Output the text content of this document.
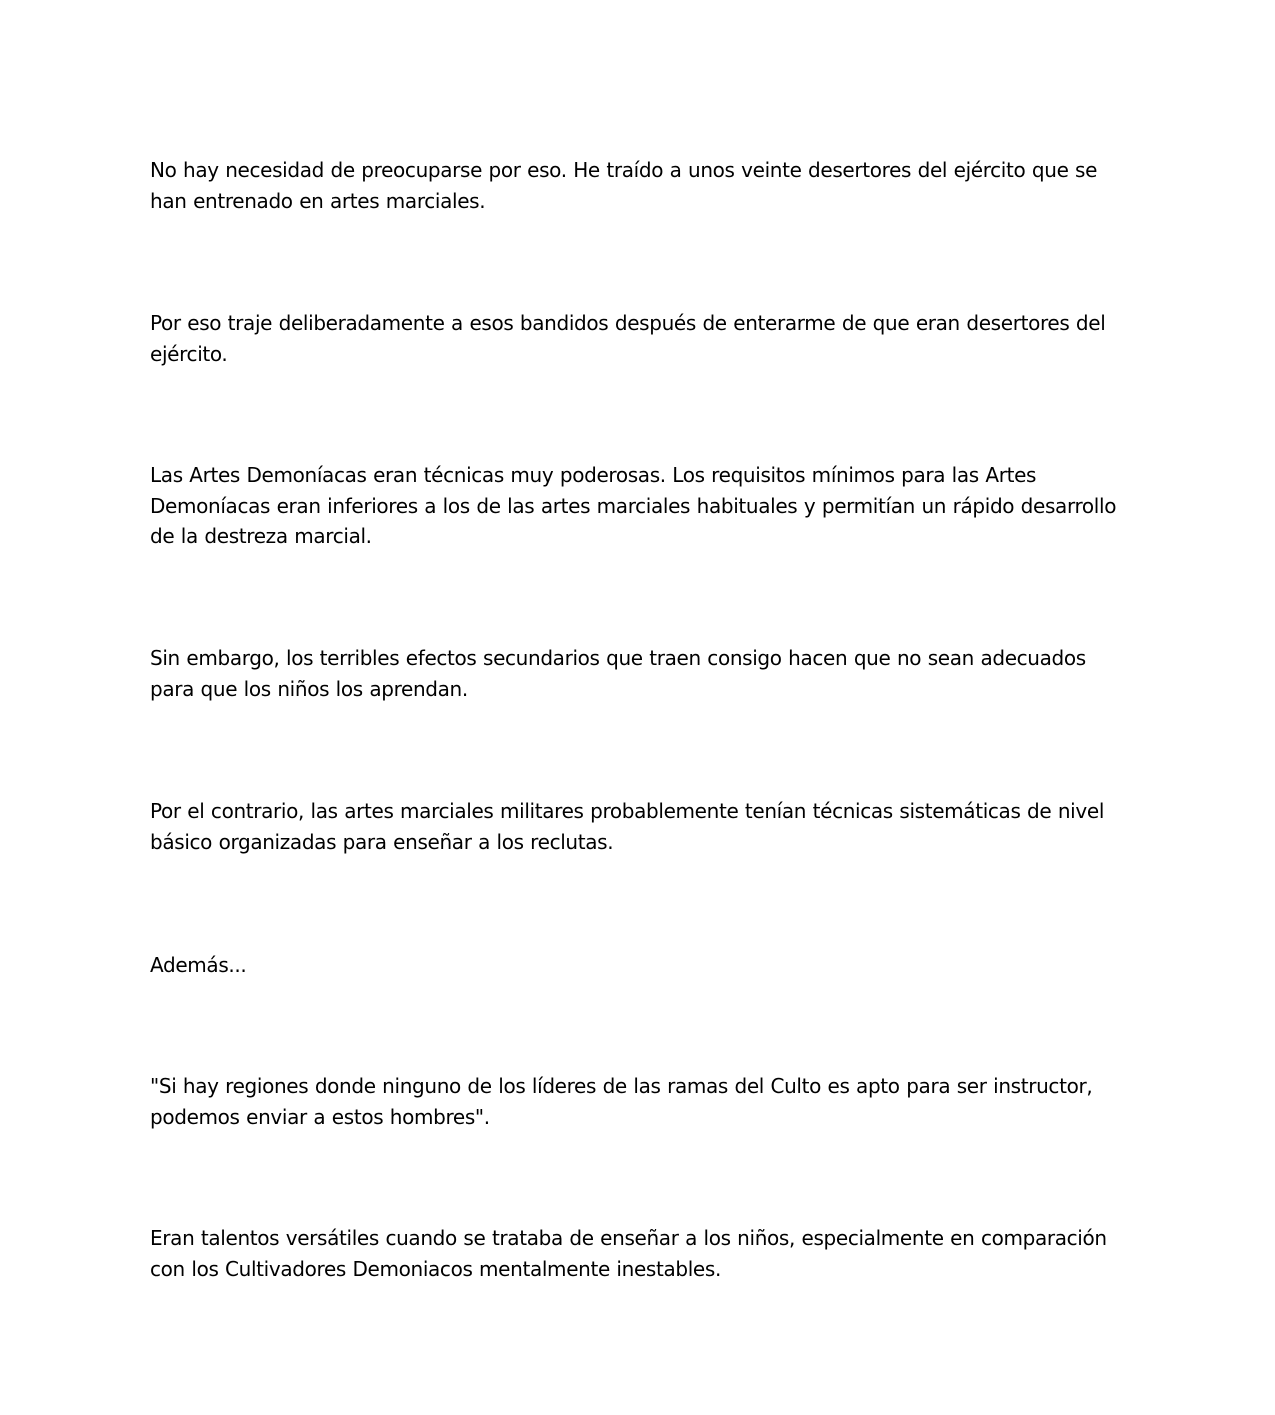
No hay necesidad de preocuparse por eso. He traído a unos veinte desertores del ejército que se han entrenado en artes marciales.

Por eso traje deliberadamente a esos bandidos después de enterarme de que eran desertores del ejército.

Las Artes Demoníacas eran técnicas muy poderosas. Los requisitos mínimos para las Artes Demoníacas eran inferiores a los de las artes marciales habituales y permitían un rápido desarrollo de la destreza marcial.

Sin embargo, los terribles efectos secundarios que traen consigo hacen que no sean adecuados para que los niños los aprendan.

Por el contrario, las artes marciales militares probablemente tenían técnicas sistemáticas de nivel básico organizadas para enseñar a los reclutas.

Además...

"Si hay regiones donde ninguno de los líderes de las ramas del Culto es apto para ser instructor, podemos enviar a estos hombres".

Eran talentos versátiles cuando se trataba de enseñar a los niños, especialmente en comparación con los Cultivadores Demoniacos mentalmente inestables.
